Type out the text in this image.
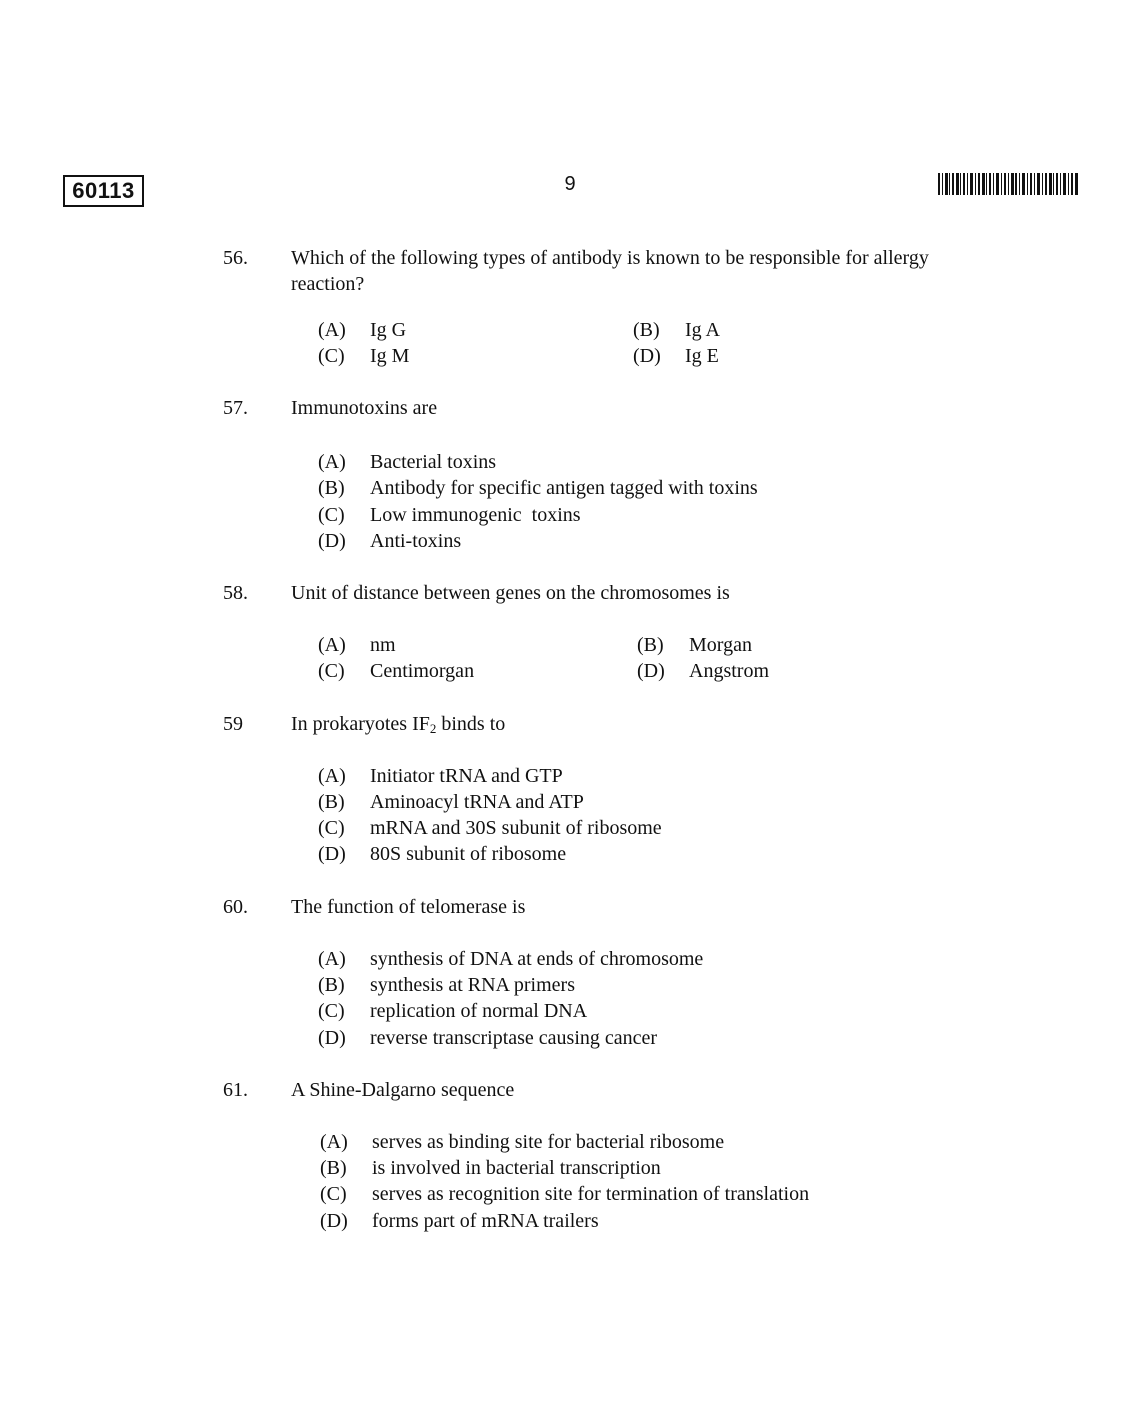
60113	9
56. Which of the following types of antibody is known to be responsible for allergy reaction?
(A) Ig G	(B) Ig A
(C) Ig M	(D) Ig E
57. Immunotoxins are
(A) Bacterial toxins
(B) Antibody for specific antigen tagged with toxins
(C) Low immunogenic  toxins
(D) Anti-toxins
58. Unit of distance between genes on the chromosomes is
(A) nm	(B) Morgan
(C) Centimorgan	(D) Angstrom
59 In prokaryotes $IF_2$ binds to
(A) Initiator tRNA and GTP
(B) Aminoacyl tRNA and ATP
(C) mRNA and 30S subunit of ribosome
(D) 80S subunit of ribosome
60. The function of telomerase is
(A) synthesis of DNA at ends of chromosome
(B) synthesis at RNA primers
(C) replication of normal DNA
(D) reverse transcriptase causing cancer
61. A Shine-Dalgarno sequence
(A) serves as binding site for bacterial ribosome
(B) is involved in bacterial transcription
(C) serves as recognition site for termination of translation
(D) forms part of mRNA trailers
